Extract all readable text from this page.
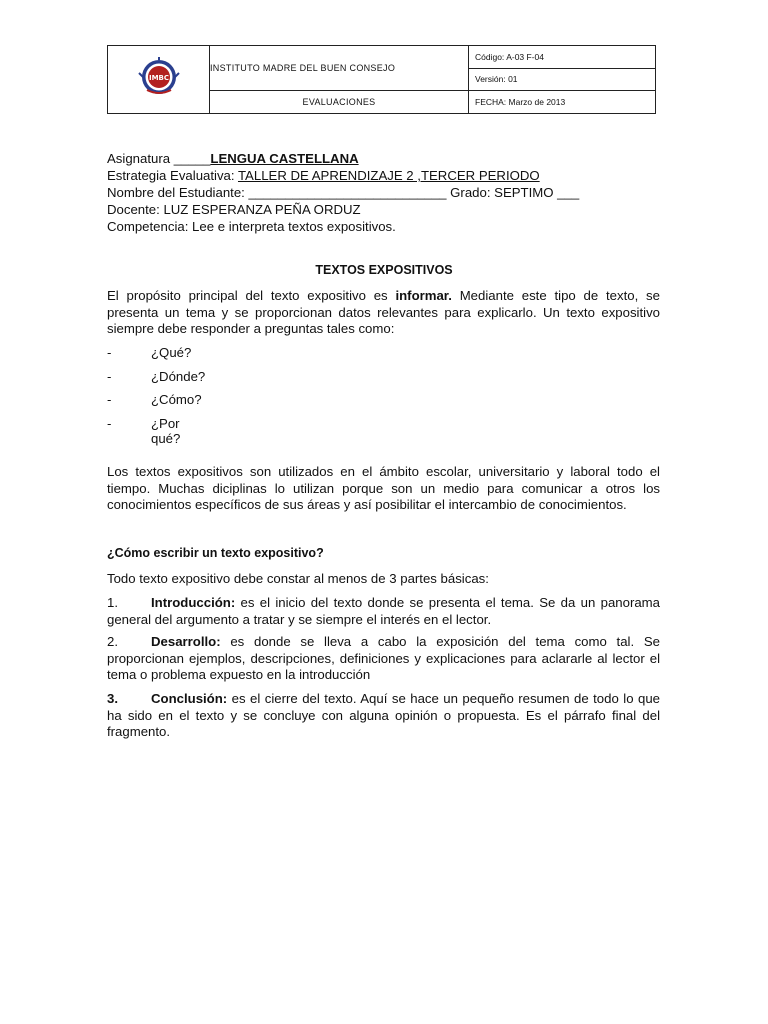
IMBC	INSTITUTO MADRE DEL BUEN CONSEJO	Código: A-03 F-04
		Versión: 01
	EVALUACIONES	FECHA: Marzo de 2013
Asignatura _____LENGUA CASTELLANA
Estrategia Evaluativa: TALLER DE APRENDIZAJE 2 ,TERCER PERIODO
Nombre del Estudiante: ___________________________ Grado: SEPTIMO ___
Docente: LUZ ESPERANZA PEÑA ORDUZ
Competencia: Lee e interpreta textos expositivos.
TEXTOS EXPOSITIVOS
El propósito principal del texto expositivo es informar. Mediante este tipo de texto, se presenta un tema y se proporcionan datos relevantes para explicarlo. Un texto expositivo siempre debe responder a preguntas tales como:
-	¿Qué?
-	¿Dónde?
-	¿Cómo?
-	¿Por qué?
Los textos expositivos son utilizados en el ámbito escolar, universitario y laboral todo el tiempo. Muchas diciplinas lo utilizan porque son un medio para comunicar a otros los conocimientos específicos de sus áreas y así posibilitar el intercambio de conocimientos.
¿Cómo escribir un texto expositivo?
Todo texto expositivo debe constar al menos de 3 partes básicas:
1.	Introducción: es el inicio del texto donde se presenta el tema. Se da un panorama general del argumento a tratar y se siempre el interés en el lector.
2.	Desarrollo: es donde se lleva a cabo la exposición del tema como tal. Se proporcionan ejemplos, descripciones, definiciones y explicaciones para aclararle al lector el tema o problema expuesto en la introducción
3.	Conclusión: es el cierre del texto. Aquí se hace un pequeño resumen de todo lo que ha sido en el texto y se concluye con alguna opinión o propuesta. Es el párrafo final del fragmento.
